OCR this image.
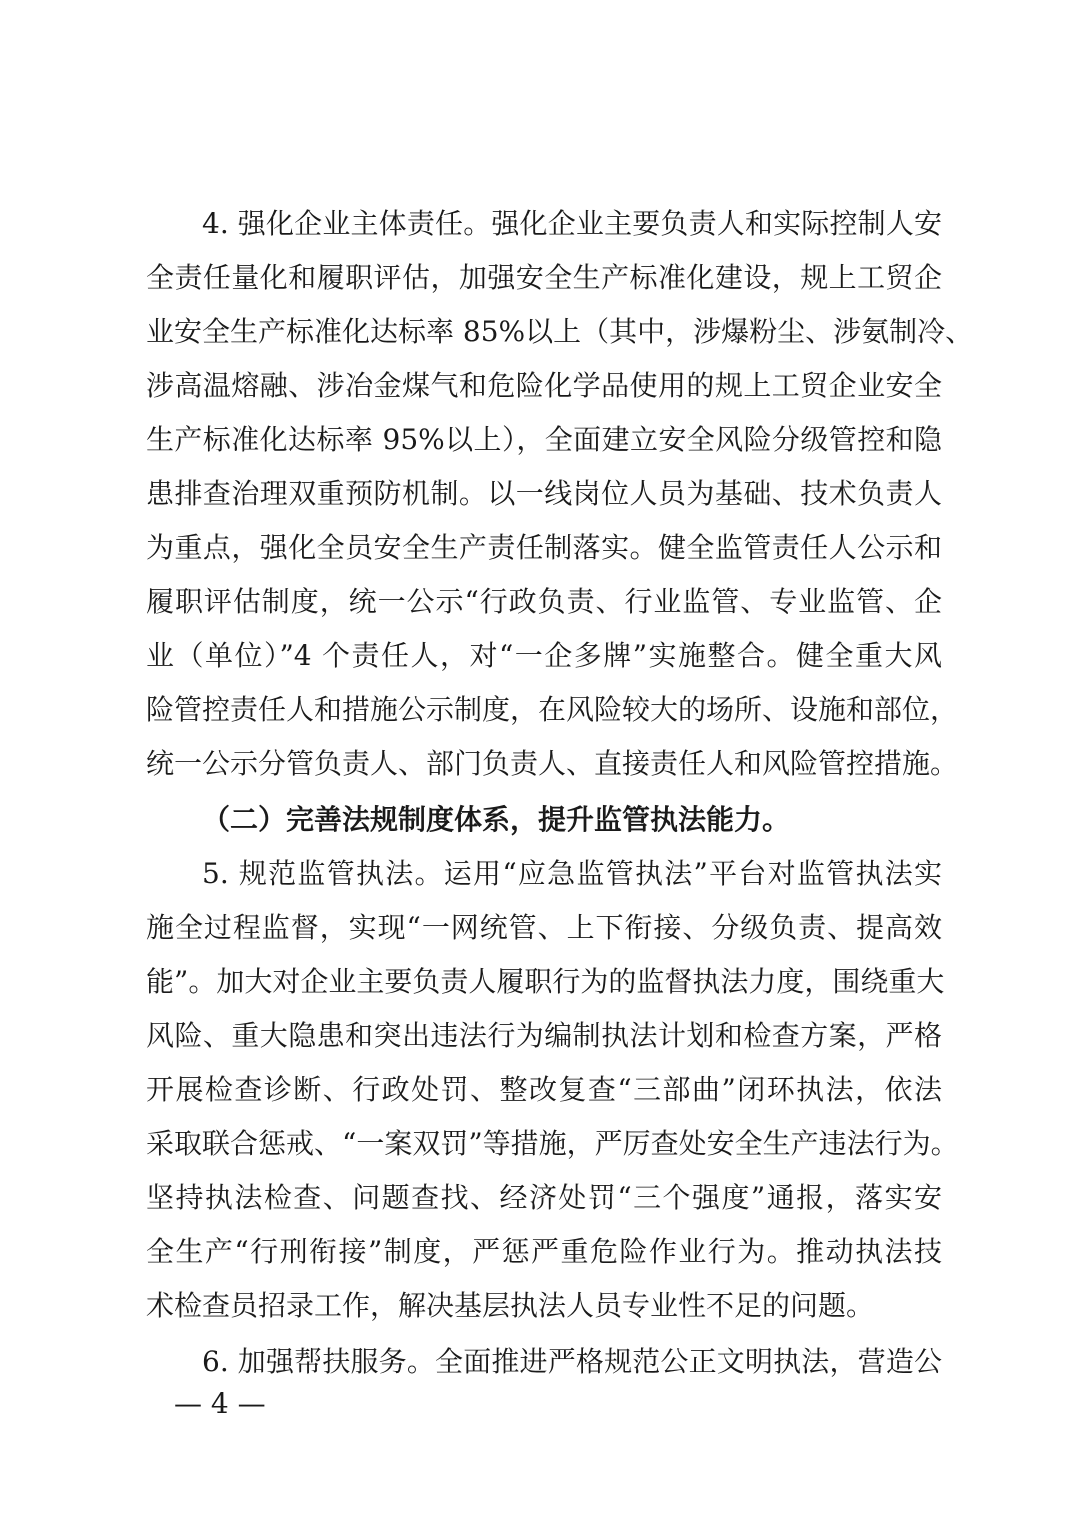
4. 强化企业主体责任。强化企业主要负责人和实际控制人安
全责任量化和履职评估，加强安全生产标准化建设，规上工贸企
业安全生产标准化达标率 85%以上（其中，涉爆粉尘、涉氨制冷、
涉高温熔融、涉冶金煤气和危险化学品使用的规上工贸企业安全
生产标准化达标率 95%以上），全面建立安全风险分级管控和隐
患排查治理双重预防机制。以一线岗位人员为基础、技术负责人
为重点，强化全员安全生产责任制落实。健全监管责任人公示和
履职评估制度，统一公示“行政负责、行业监管、专业监管、企
业（单位）”4 个责任人，对“一企多牌”实施整合。健全重大风
险管控责任人和措施公示制度，在风险较大的场所、设施和部位，
统一公示分管负责人、部门负责人、直接责任人和风险管控措施。
（二）完善法规制度体系，提升监管执法能力。
5. 规范监管执法。运用“应急监管执法”平台对监管执法实
施全过程监督，实现“一网统管、上下衔接、分级负责、提高效
能”。加大对企业主要负责人履职行为的监督执法力度，围绕重大
风险、重大隐患和突出违法行为编制执法计划和检查方案，严格
开展检查诊断、行政处罚、整改复查“三部曲”闭环执法，依法
采取联合惩戒、“一案双罚”等措施，严厉查处安全生产违法行为。
坚持执法检查、问题查找、经济处罚“三个强度”通报，落实安
全生产“行刑衔接”制度，严惩严重危险作业行为。推动执法技
术检查员招录工作，解决基层执法人员专业性不足的问题。
6. 加强帮扶服务。全面推进严格规范公正文明执法，营造公
— 4 —
